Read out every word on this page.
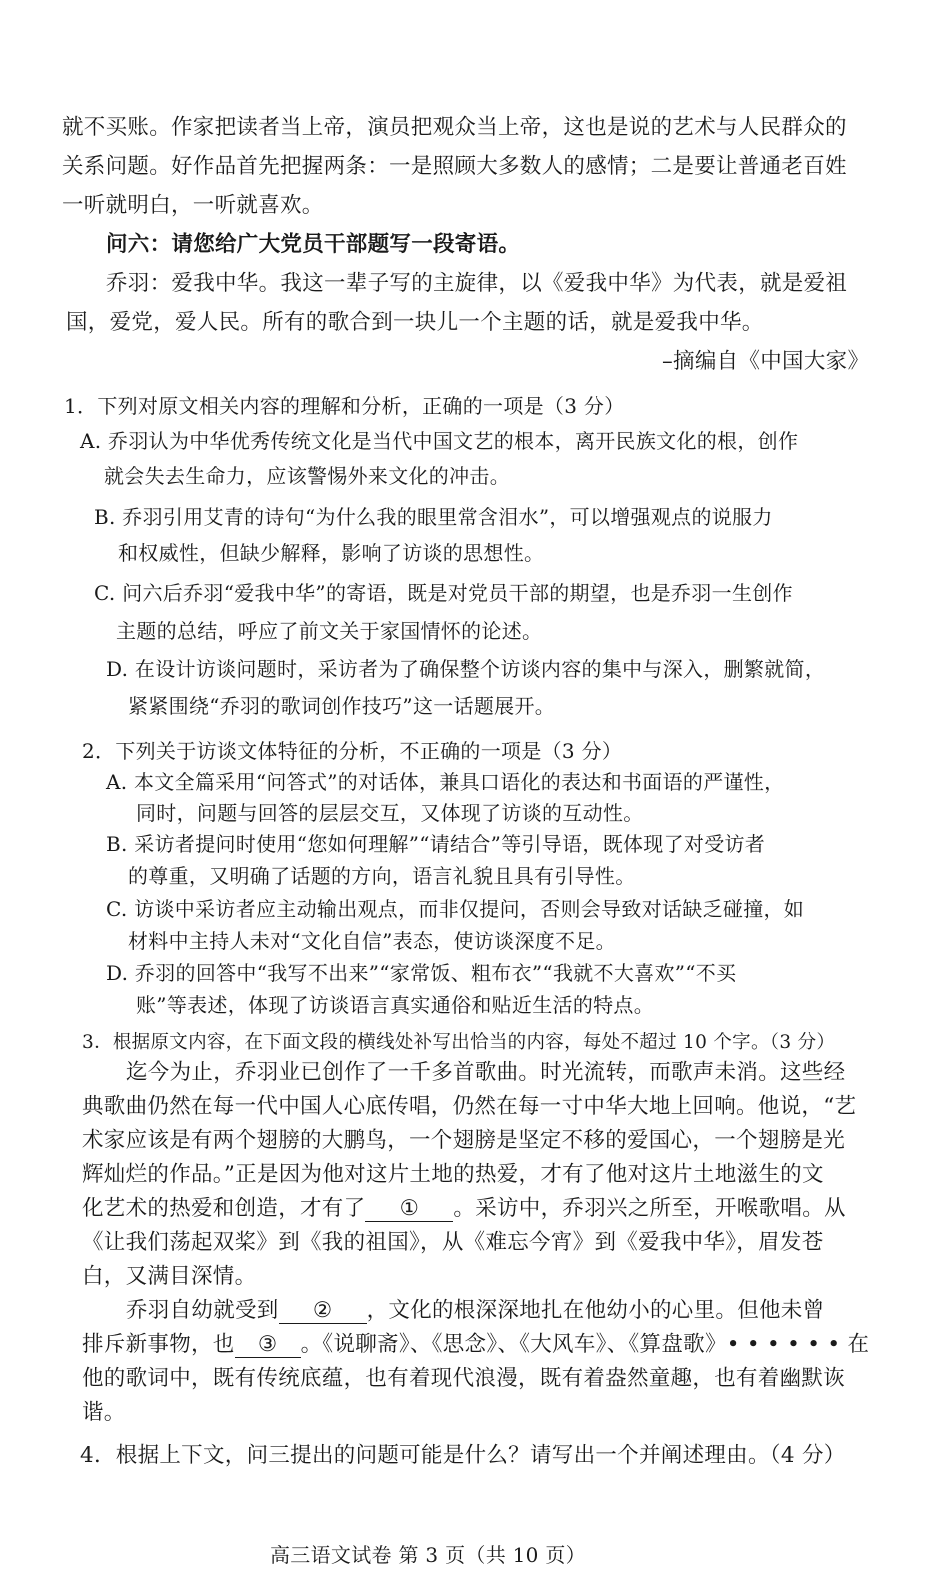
就不买账。作家把读者当上帝，演员把观众当上帝，这也是说的艺术与人民群众的
关系问题。好作品首先把握两条：一是照顾大多数人的感情；二是要让普通老百姓
一听就明白，一听就喜欢。
问六：请您给广大党员干部题写一段寄语。
乔羽：爱我中华。我这一辈子写的主旋律，以《爱我中华》为代表，就是爱祖
国，爱党，爱人民。所有的歌合到一块儿一个主题的话，就是爱我中华。
–摘编自《中国大家》
1．下列对原文相关内容的理解和分析，正确的一项是（3 分）
A. 乔羽认为中华优秀传统文化是当代中国文艺的根本，离开民族文化的根，创作
就会失去生命力，应该警惕外来文化的冲击。
B. 乔羽引用艾青的诗句“为什么我的眼里常含泪水”，可以增强观点的说服力
和权威性，但缺少解释，影响了访谈的思想性。
C. 问六后乔羽“爱我中华”的寄语，既是对党员干部的期望，也是乔羽一生创作
主题的总结，呼应了前文关于家国情怀的论述。
D. 在设计访谈问题时，采访者为了确保整个访谈内容的集中与深入，删繁就简，
紧紧围绕“乔羽的歌词创作技巧”这一话题展开。
2．下列关于访谈文体特征的分析，不正确的一项是（3 分）
A. 本文全篇采用“问答式”的对话体，兼具口语化的表达和书面语的严谨性，
同时，问题与回答的层层交互，又体现了访谈的互动性。
B. 采访者提问时使用“您如何理解”“请结合”等引导语，既体现了对受访者
的尊重，又明确了话题的方向，语言礼貌且具有引导性。
C. 访谈中采访者应主动输出观点，而非仅提问，否则会导致对话缺乏碰撞，如
材料中主持人未对“文化自信”表态，使访谈深度不足。
D. 乔羽的回答中“我写不出来”“家常饭、粗布衣”“我就不大喜欢”“不买
账”等表述，体现了访谈语言真实通俗和贴近生活的特点。
3．根据原文内容，在下面文段的横线处补写出恰当的内容，每处不超过 10 个字。（3 分）
迄今为止，乔羽业已创作了一千多首歌曲。时光流转，而歌声未消。这些经
典歌曲仍然在每一代中国人心底传唱，仍然在每一寸中华大地上回响。他说，“艺
术家应该是有两个翅膀的大鹏鸟，一个翅膀是坚定不移的爱国心，一个翅膀是光
辉灿烂的作品。”正是因为他对这片土地的热爱，才有了他对这片土地滋生的文
化艺术的热爱和创造，才有了 ① 。采访中，乔羽兴之所至，开喉歌唱。从
《让我们荡起双桨》到《我的祖国》，从《难忘今宵》到《爱我中华》，眉发苍
白，又满目深情。
乔羽自幼就受到 ② ，文化的根深深地扎在他幼小的心里。但他未曾
排斥新事物，也 ③ 。《说聊斋》、《思念》、《大风车》、《算盘歌》• • • • • • 在
他的歌词中，既有传统底蕴，也有着现代浪漫，既有着盎然童趣，也有着幽默诙
谐。
4．根据上下文，问三提出的问题可能是什么？请写出一个并阐述理由。（4 分）
高三语文试卷 第 3 页（共 10 页）
